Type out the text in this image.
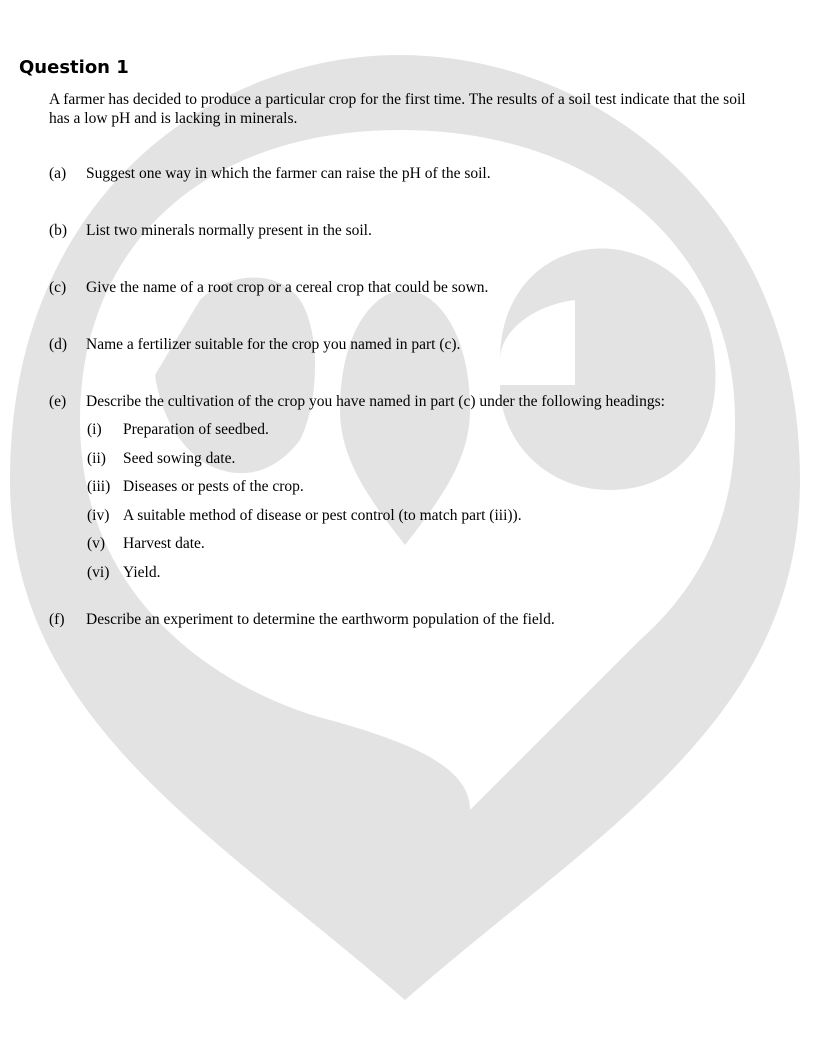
Question 1

A farmer has decided to produce a particular crop for the first time. The results of a soil test indicate that the soil has a low pH and is lacking in minerals.

(a) Suggest one way in which the farmer can raise the pH of the soil.
(b) List two minerals normally present in the soil.
(c) Give the name of a root crop or a cereal crop that could be sown.
(d) Name a fertilizer suitable for the crop you named in part (c).
(e) Describe the cultivation of the crop you have named in part (c) under the following headings:
(i) Preparation of seedbed.
(ii) Seed sowing date.
(iii) Diseases or pests of the crop.
(iv) A suitable method of disease or pest control (to match part (iii)).
(v) Harvest date.
(vi) Yield.
(f) Describe an experiment to determine the earthworm population of the field.
